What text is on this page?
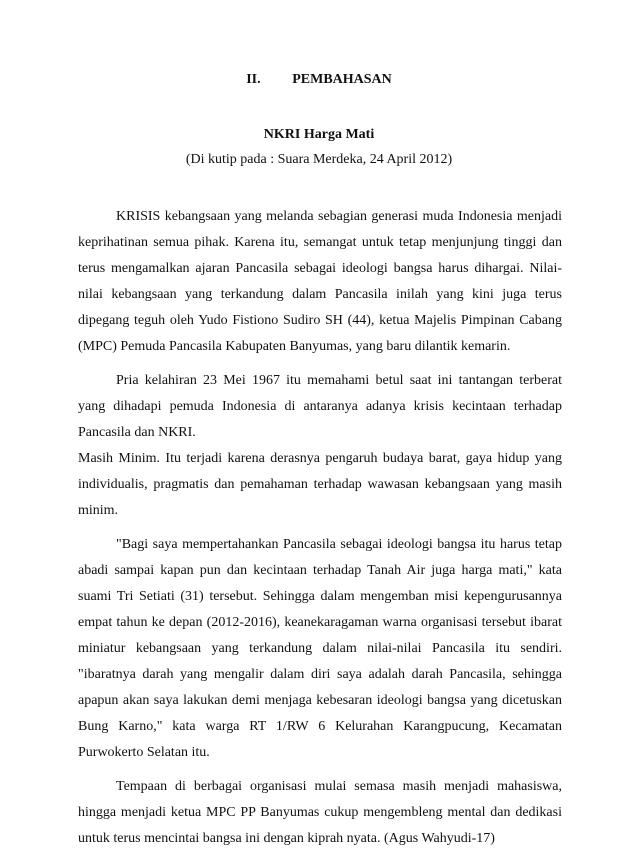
II. PEMBAHASAN
NKRI Harga Mati
(Di kutip pada : Suara Merdeka, 24 April 2012)

KRISIS kebangsaan yang melanda sebagian generasi muda Indonesia menjadi keprihatinan semua pihak. Karena itu, semangat untuk tetap menjunjung tinggi dan terus mengamalkan ajaran Pancasila sebagai ideologi bangsa harus dihargai. Nilai-nilai kebangsaan yang terkandung dalam Pancasila inilah yang kini juga terus dipegang teguh oleh Yudo Fistiono Sudiro SH (44), ketua Majelis Pimpinan Cabang (MPC) Pemuda Pancasila Kabupaten Banyumas, yang baru dilantik kemarin.

Pria kelahiran 23 Mei 1967 itu memahami betul saat ini tantangan terberat yang dihadapi pemuda Indonesia di antaranya adanya krisis kecintaan terhadap Pancasila dan NKRI.

Masih Minim. Itu terjadi karena derasnya pengaruh budaya barat, gaya hidup yang individualis, pragmatis dan pemahaman terhadap wawasan kebangsaan yang masih minim.

"Bagi saya mempertahankan Pancasila sebagai ideologi bangsa itu harus tetap abadi sampai kapan pun dan kecintaan terhadap Tanah Air juga harga mati," kata suami Tri Setiati (31) tersebut. Sehingga dalam mengemban misi kepengurusannya empat tahun ke depan (2012-2016), keanekaragaman warna organisasi tersebut ibarat miniatur kebangsaan yang terkandung dalam nilai-nilai Pancasila itu sendiri. "ibaratnya darah yang mengalir dalam diri saya adalah darah Pancasila, sehingga apapun akan saya lakukan demi menjaga kebesaran ideologi bangsa yang dicetuskan Bung Karno," kata warga RT 1/RW 6 Kelurahan Karangpucung, Kecamatan Purwokerto Selatan itu.

Tempaan di berbagai organisasi mulai semasa masih menjadi mahasiswa, hingga menjadi ketua MPC PP Banyumas cukup mengembleng mental dan dedikasi untuk terus mencintai bangsa ini dengan kiprah nyata. (Agus Wahyudi-17)
